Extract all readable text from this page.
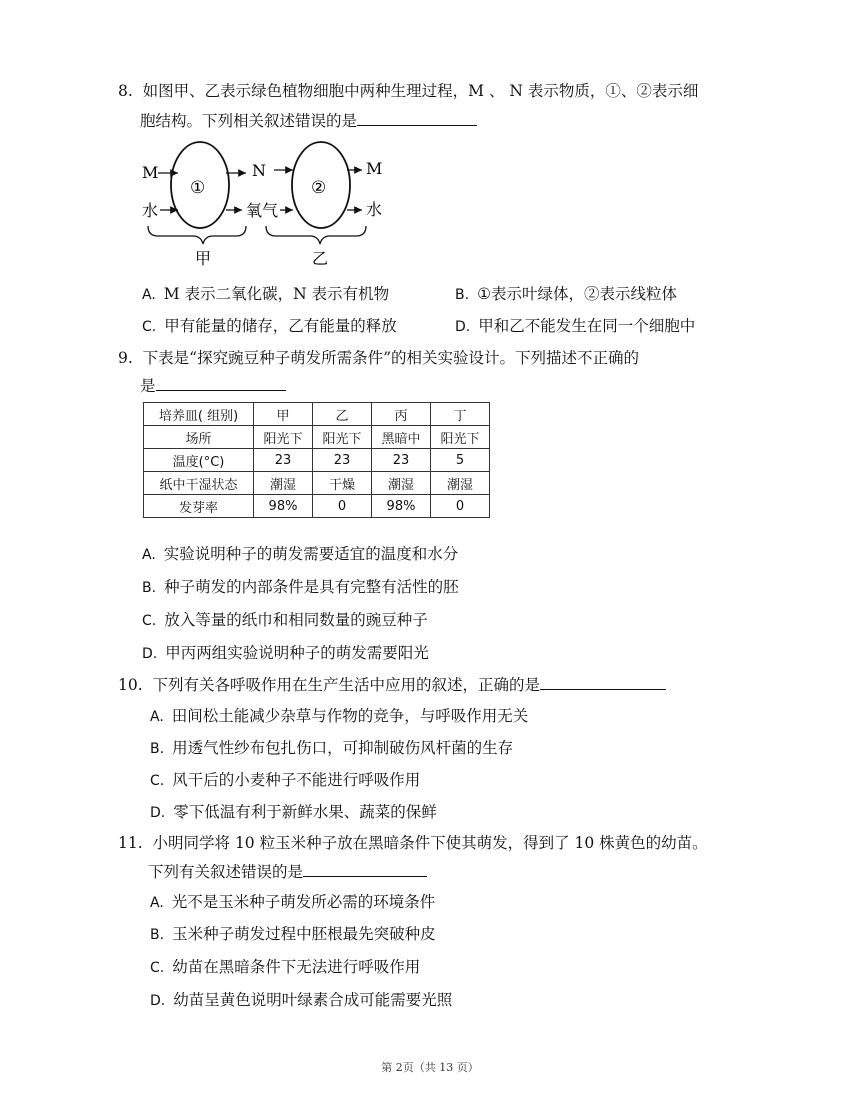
8. 如图甲、乙表示绿色植物细胞中两种生理过程，M 、 N 表示物质，①、②表示细
胞结构。下列相关叙述错误的是
M
水
①
N
氧气
②
M
水
甲	乙
A. M 表示二氧化碳，N 表示有机物	B. ①表示叶绿体，②表示线粒体
C. 甲有能量的储存，乙有能量的释放	D. 甲和乙不能发生在同一个细胞中
9. 下表是“探究豌豆种子萌发所需条件”的相关实验设计。下列描述不正确的
是
培养皿( 组别)	甲	乙	丙	丁
场所	阳光下	阳光下	黑暗中	阳光下
温度(°C)	23	23	23	5
纸中干湿状态	潮湿	干燥	潮湿	潮湿
发芽率	98%	0	98%	0
A. 实验说明种子的萌发需要适宜的温度和水分
B. 种子萌发的内部条件是具有完整有活性的胚
C. 放入等量的纸巾和相同数量的豌豆种子
D. 甲丙两组实验说明种子的萌发需要阳光
10. 下列有关各呼吸作用在生产生活中应用的叙述，正确的是
A. 田间松土能减少杂草与作物的竞争，与呼吸作用无关
B. 用透气性纱布包扎伤口，可抑制破伤风杆菌的生存
C. 风干后的小麦种子不能进行呼吸作用
D. 零下低温有利于新鲜水果、蔬菜的保鲜
11. 小明同学将 10 粒玉米种子放在黑暗条件下使其萌发，得到了 10 株黄色的幼苗。
下列有关叙述错误的是
A. 光不是玉米种子萌发所必需的环境条件
B. 玉米种子萌发过程中胚根最先突破种皮
C. 幼苗在黑暗条件下无法进行呼吸作用
D. 幼苗呈黄色说明叶绿素合成可能需要光照
第 2页（共 13 页）
